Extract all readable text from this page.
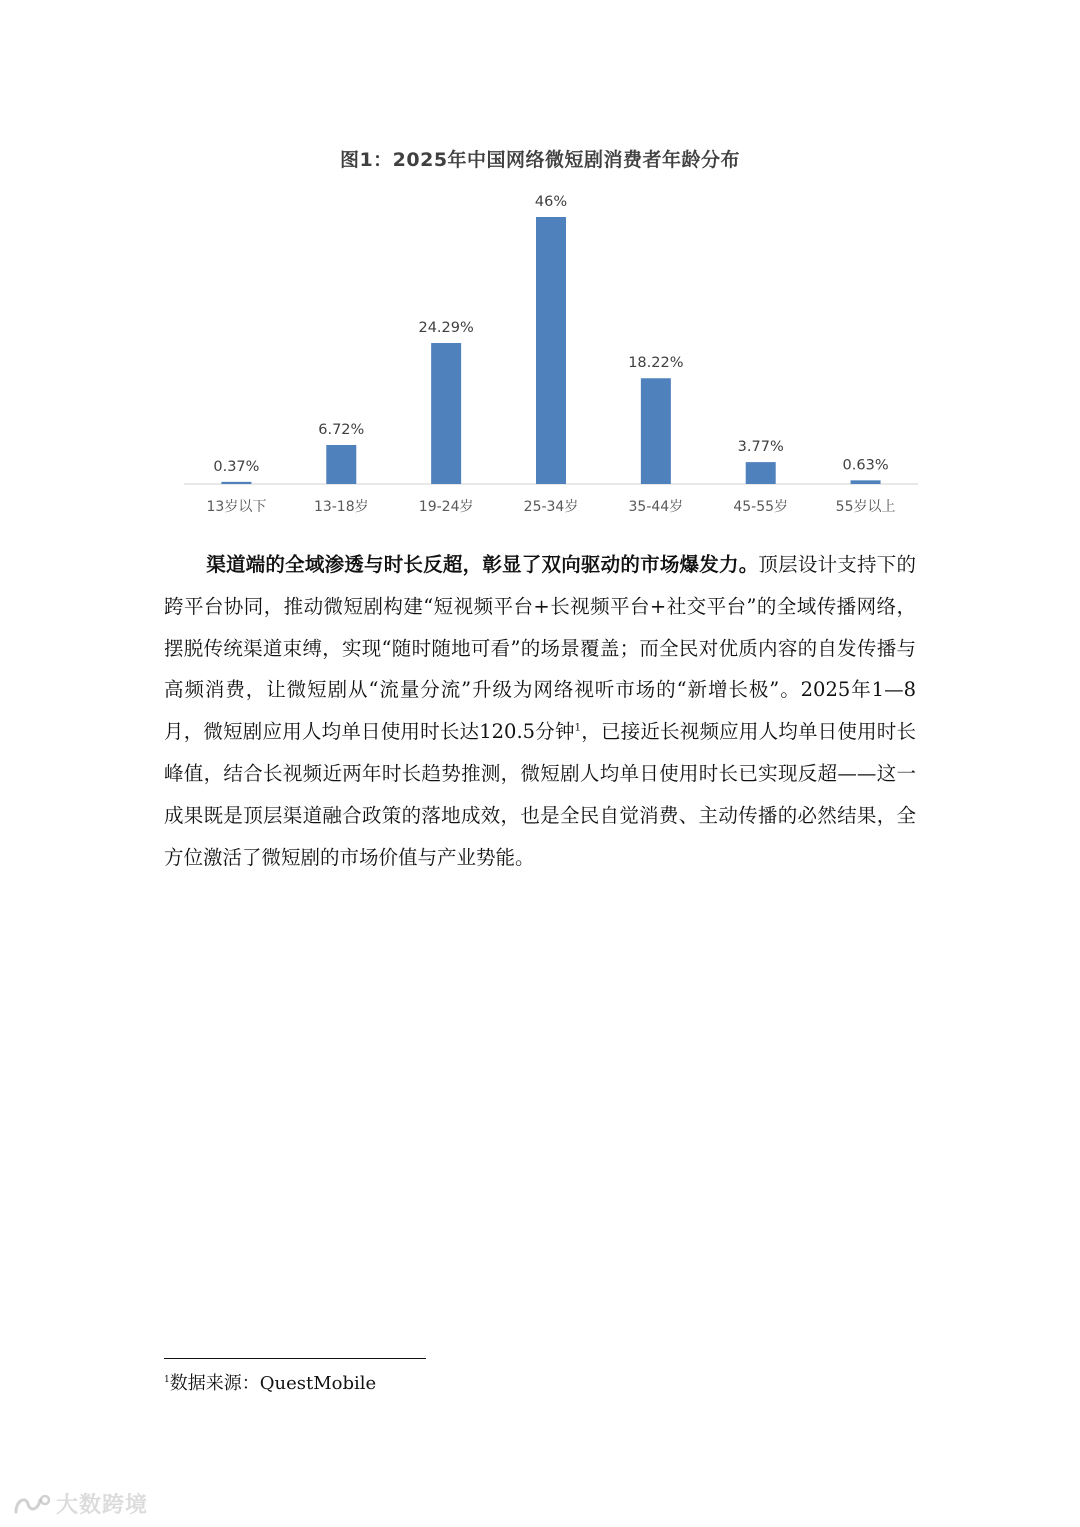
图1：2025年中国网络微短剧消费者年龄分布
0.37%
6.72%
24.29%
46%
18.22%
3.77%
0.63%
13岁以下	13-18岁	19-24岁	25-34岁	35-44岁	45-55岁	55岁以上

渠道端的全域渗透与时长反超，彰显了双向驱动的市场爆发力。顶层设计支持下的跨平台协同，推动微短剧构建“短视频平台+长视频平台+社交平台”的全域传播网络，摆脱传统渠道束缚，实现“随时随地可看”的场景覆盖；而全民对优质内容的自发传播与高频消费，让微短剧从“流量分流”升级为网络视听市场的“新增长极”。2025年1—8月，微短剧应用人均单日使用时长达120.5分钟$^1$，已接近长视频应用人均单日使用时长峰值，结合长视频近两年时长趋势推测，微短剧人均单日使用时长已实现反超——这一成果既是顶层渠道融合政策的落地成效，也是全民自觉消费、主动传播的必然结果，全方位激活了微短剧的市场价值与产业势能。

$^1$数据来源：QuestMobile
大数跨境
